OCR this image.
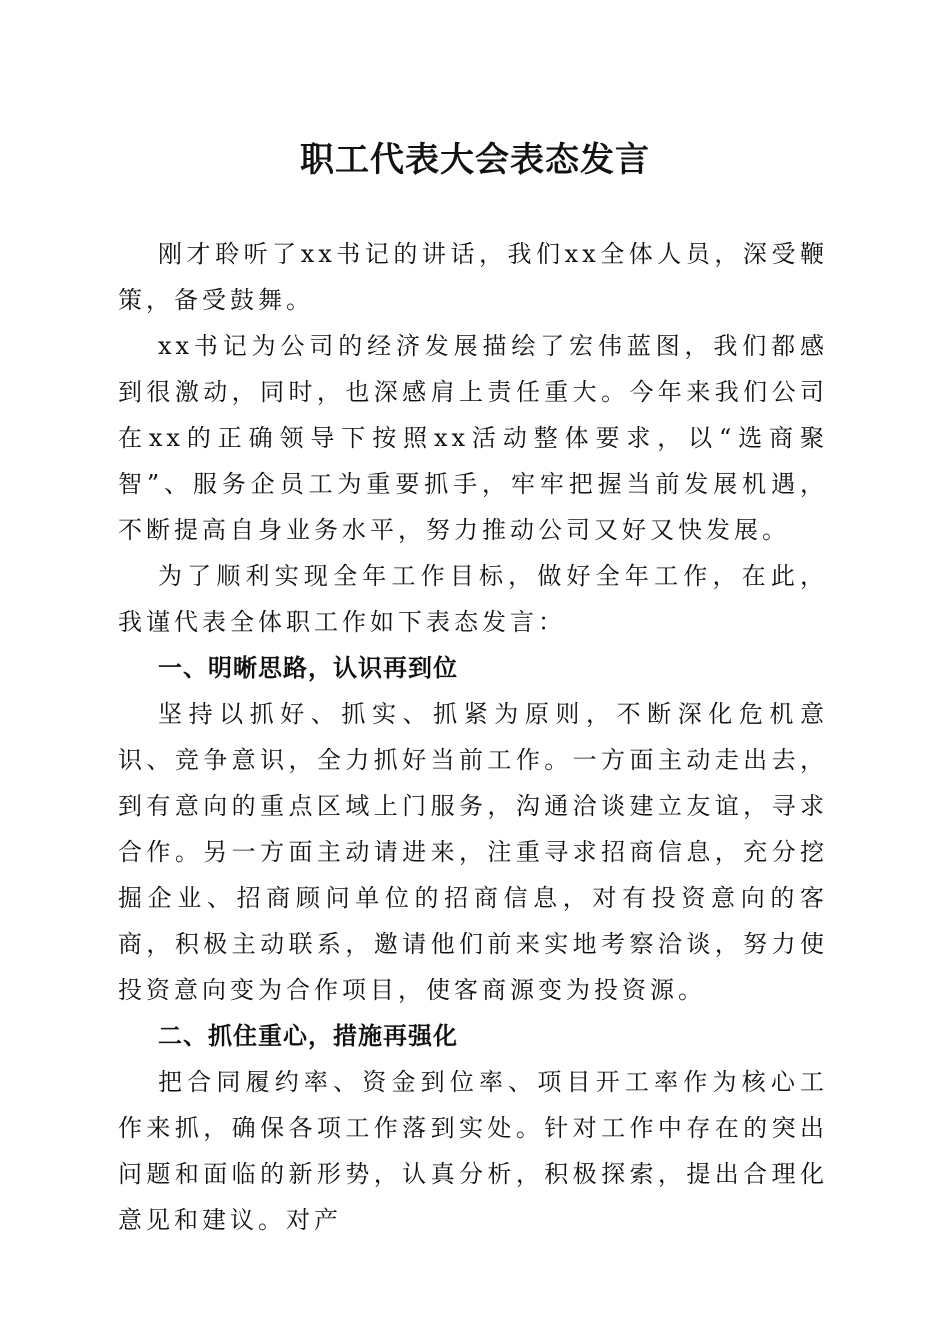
职工代表大会表态发言

刚才聆听了xx书记的讲话，我们xx全体人员，深受鞭策，备受鼓舞。

xx书记为公司的经济发展描绘了宏伟蓝图，我们都感到很激动，同时，也深感肩上责任重大。今年来我们公司在xx的正确领导下按照xx活动整体要求，以“选商聚智”、服务企员工为重要抓手，牢牢把握当前发展机遇，不断提高自身业务水平，努力推动公司又好又快发展。

为了顺利实现全年工作目标，做好全年工作，在此，我谨代表全体职工作如下表态发言：

一、明晰思路，认识再到位

坚持以抓好、抓实、抓紧为原则，不断深化危机意识、竞争意识，全力抓好当前工作。一方面主动走出去，到有意向的重点区域上门服务，沟通洽谈建立友谊，寻求合作。另一方面主动请进来，注重寻求招商信息，充分挖掘企业、招商顾问单位的招商信息，对有投资意向的客商，积极主动联系，邀请他们前来实地考察洽谈，努力使投资意向变为合作项目，使客商源变为投资源。

二、抓住重心，措施再强化

把合同履约率、资金到位率、项目开工率作为核心工作来抓，确保各项工作落到实处。针对工作中存在的突出问题和面临的新形势，认真分析，积极探索，提出合理化意见和建议。对产
